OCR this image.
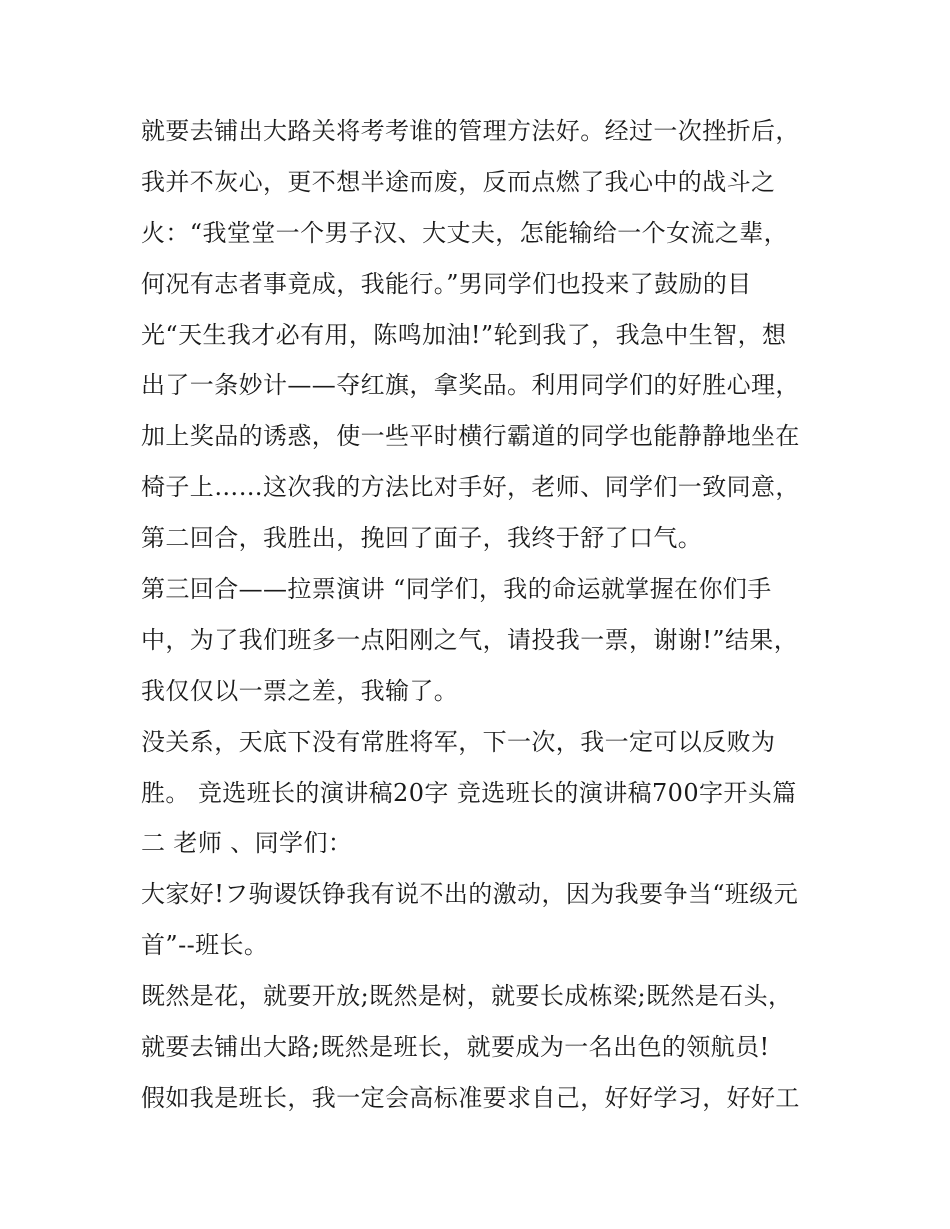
就要去铺出大路关将考考谁的管理方法好。经过一次挫折后，
我并不灰心，更不想半途而废，反而点燃了我心中的战斗之
火：“我堂堂一个男子汉、大丈夫，怎能输给一个女流之辈，
何况有志者事竟成，我能行。”男同学们也投来了鼓励的目
光“天生我才必有用，陈鸣加油!”轮到我了，我急中生智，想
出了一条妙计——夺红旗，拿奖品。利用同学们的好胜心理，
加上奖品的诱惑，使一些平时横行霸道的同学也能静静地坐在
椅子上……这次我的方法比对手好，老师、同学们一致同意，
第二回合，我胜出，挽回了面子，我终于舒了口气。
第三回合——拉票演讲 “同学们，我的命运就掌握在你们手
中，为了我们班多一点阳刚之气，请投我一票，谢谢!”结果，
我仅仅以一票之差，我输了。
没关系，天底下没有常胜将军，下一次，我一定可以反败为
胜。 竞选班长的演讲稿20字 竞选班长的演讲稿700字开头篇
二 老师 、同学们：
大家好!フ驹谡饫铮我有说不出的激动，因为我要争当“班级元
首”--班长。
既然是花，就要开放;既然是树，就要长成栋梁;既然是石头，
就要去铺出大路;既然是班长，就要成为一名出色的领航员!
假如我是班长，我一定会高标准要求自己，好好学习，好好工
